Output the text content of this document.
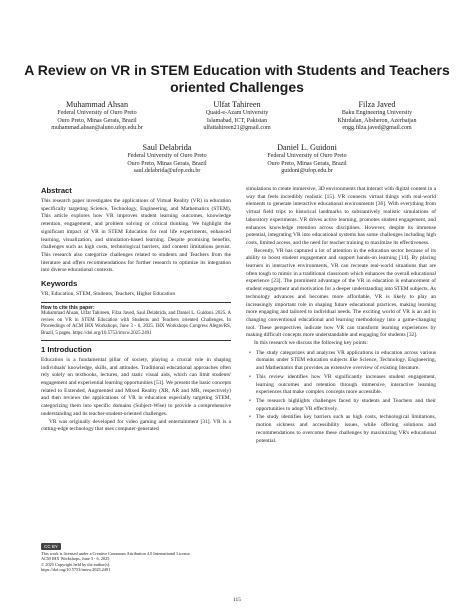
A Review on VR in STEM Education with Students and Teachers oriented Challenges
Muhammad Ahsan
Federal University of Ouro Preto
Ouro Preto, Minas Gerais, Brazil
muhammad.ahsan@aluno.ufop.edu.br
Ulfat Tahireen
Quaid-e-Azam University
Islamabad, ICT, Pakistan
ulfattahireen21@gmail.com
Filza Javed
Baku Engineering University
Khirdalan, Absheron, Azerbaijan
engg.filza.javed@gmail.com
Saul Delabrida
Federal University of Ouro Preto
Ouro Preto, Minas Gerais, Brazil
saul.delabrida@ufop.edu.br
Daniel L. Guidoni
Federal University of Ouro Preto
Ouro Preto, Minas Gerais, Brazil
guidoni@ufop.edu.br
Abstract

This research paper investigates the applications of Virtual Reality (VR) in education specifically targeting Science, Technology, Engineering, and Mathematics (STEM). This article explores how VR improves student learning outcomes, knowledge retention, engagement, and problem solving or critical thinking. We highlight the significant impact of VR in STEM Education for real life experiments, enhanced learning, visualization, and simulation-based learning. Despite promising benefits, challenges such as high costs, technological barriers, and content limitations persist. This research also categorize challenges related to students and Teachers from the literature and offers recommendations for further research to optimize its integration into diverse educational contexts.

Keywords

VR, Education, STEM, Students, Teachers, Higher Education

How to cite this paper:

Muhammad Ahsan, Ulfat Tahireen, Filza Javed, Saul Delabrida, and Daniel L. Guidoni. 2025. A review on VR in STEM Education with Students and Teachers oriented Challenges. In Proceedings of ACM IHX Workshops, June 3 - 6, 2025. IHX Workshops Congress Alegre/RS, Brazil, 5 pages. https://doi.org/10.5753/imxw.2025.2491

1 Introduction

Education is a fundamental pillar of society, playing a crucial role in shaping individuals' knowledge, skills, and attitudes. Traditional educational approaches often rely solely on textbooks, lectures, and static visual aids, which can limit students' engagement and experiential learning opportunities [51]. We present the basic concepts related to Extended, Augmented and Mixed Reality (XR, AR and MR, respectively) and then reviews the applications of VR in education especially targeting STEM, categorizing them into specific domains (Subject-Wise) to provide a comprehensive understanding and its teacher-student-oriented challenges.

VR was originally developed for video gaming and entertainment [31]. VR is a cutting-edge technology that uses computer-generated

simulations to create immersive, 3D environments that interact with digital content in a way that feels incredibly realistic [15]. VR connects virtual things with real-world elements to generate interactive educational environments [36]. With everything from virtual field trips to historical landmarks to substantively realistic simulations of laboratory experiments. VR drives active learning, promotes student engagement, and enhances knowledge retention across disciplines. However, despite its immense potential, integrating VR into educational systems has some challenges including high costs, limited access, and the need for teacher training to maximize its effectiveness.

Recently, VR has captured a lot of attention in the education sector because of its ability to boost student engagement and support hands-on learning [14]. By placing learners in interactive environments, VR can recreate real-world situations that are often tough to mimic in a traditional classroom which enhances the overall educational experience [23]. The prominent advantage of the VR in education is enhancement of student engagement and motivation for a deeper understanding into STEM subjects. As technology advances and becomes more affordable, VR is likely to play an increasingly important role in shaping future educational practices, making learning more engaging and tailored to individual needs. The exciting world of VR is an aid in changing conventional educational and learning methodology into a game-changing tool. These perspectives indicate how VR can transform learning experiences by making difficult concepts more understandable and engaging for students [32].

In this research we discuss the following key points:

• The study categorizes and analyzes VR applications in education across various domains under STEM education subjects like Science, Technology, Engineering, and Mathematics that provides an extensive overview of existing literature.
• This review identifies how VR significantly increases student engagement, learning outcomes and retention through immersive, interactive learning experiences that make complex concepts more accessible.
• The research highlights challenges faced by students and Teachers and their opportunities to adopt VR effectively.
• The study identifies key barriers such as high costs, technological limitations, motion sickness and accessibility issues, while offering solutions and recommendations to overcome these challenges by maximizing VR's educational potential.
CC BY
This work is licensed under a Creative Commons Attribution 4.0 International License.
ACM IHX Workshops, June 3 - 6, 2025
© 2025 Copyright held by the author(s).
https://doi.org/10.5753/imxw.2025.2491
115
